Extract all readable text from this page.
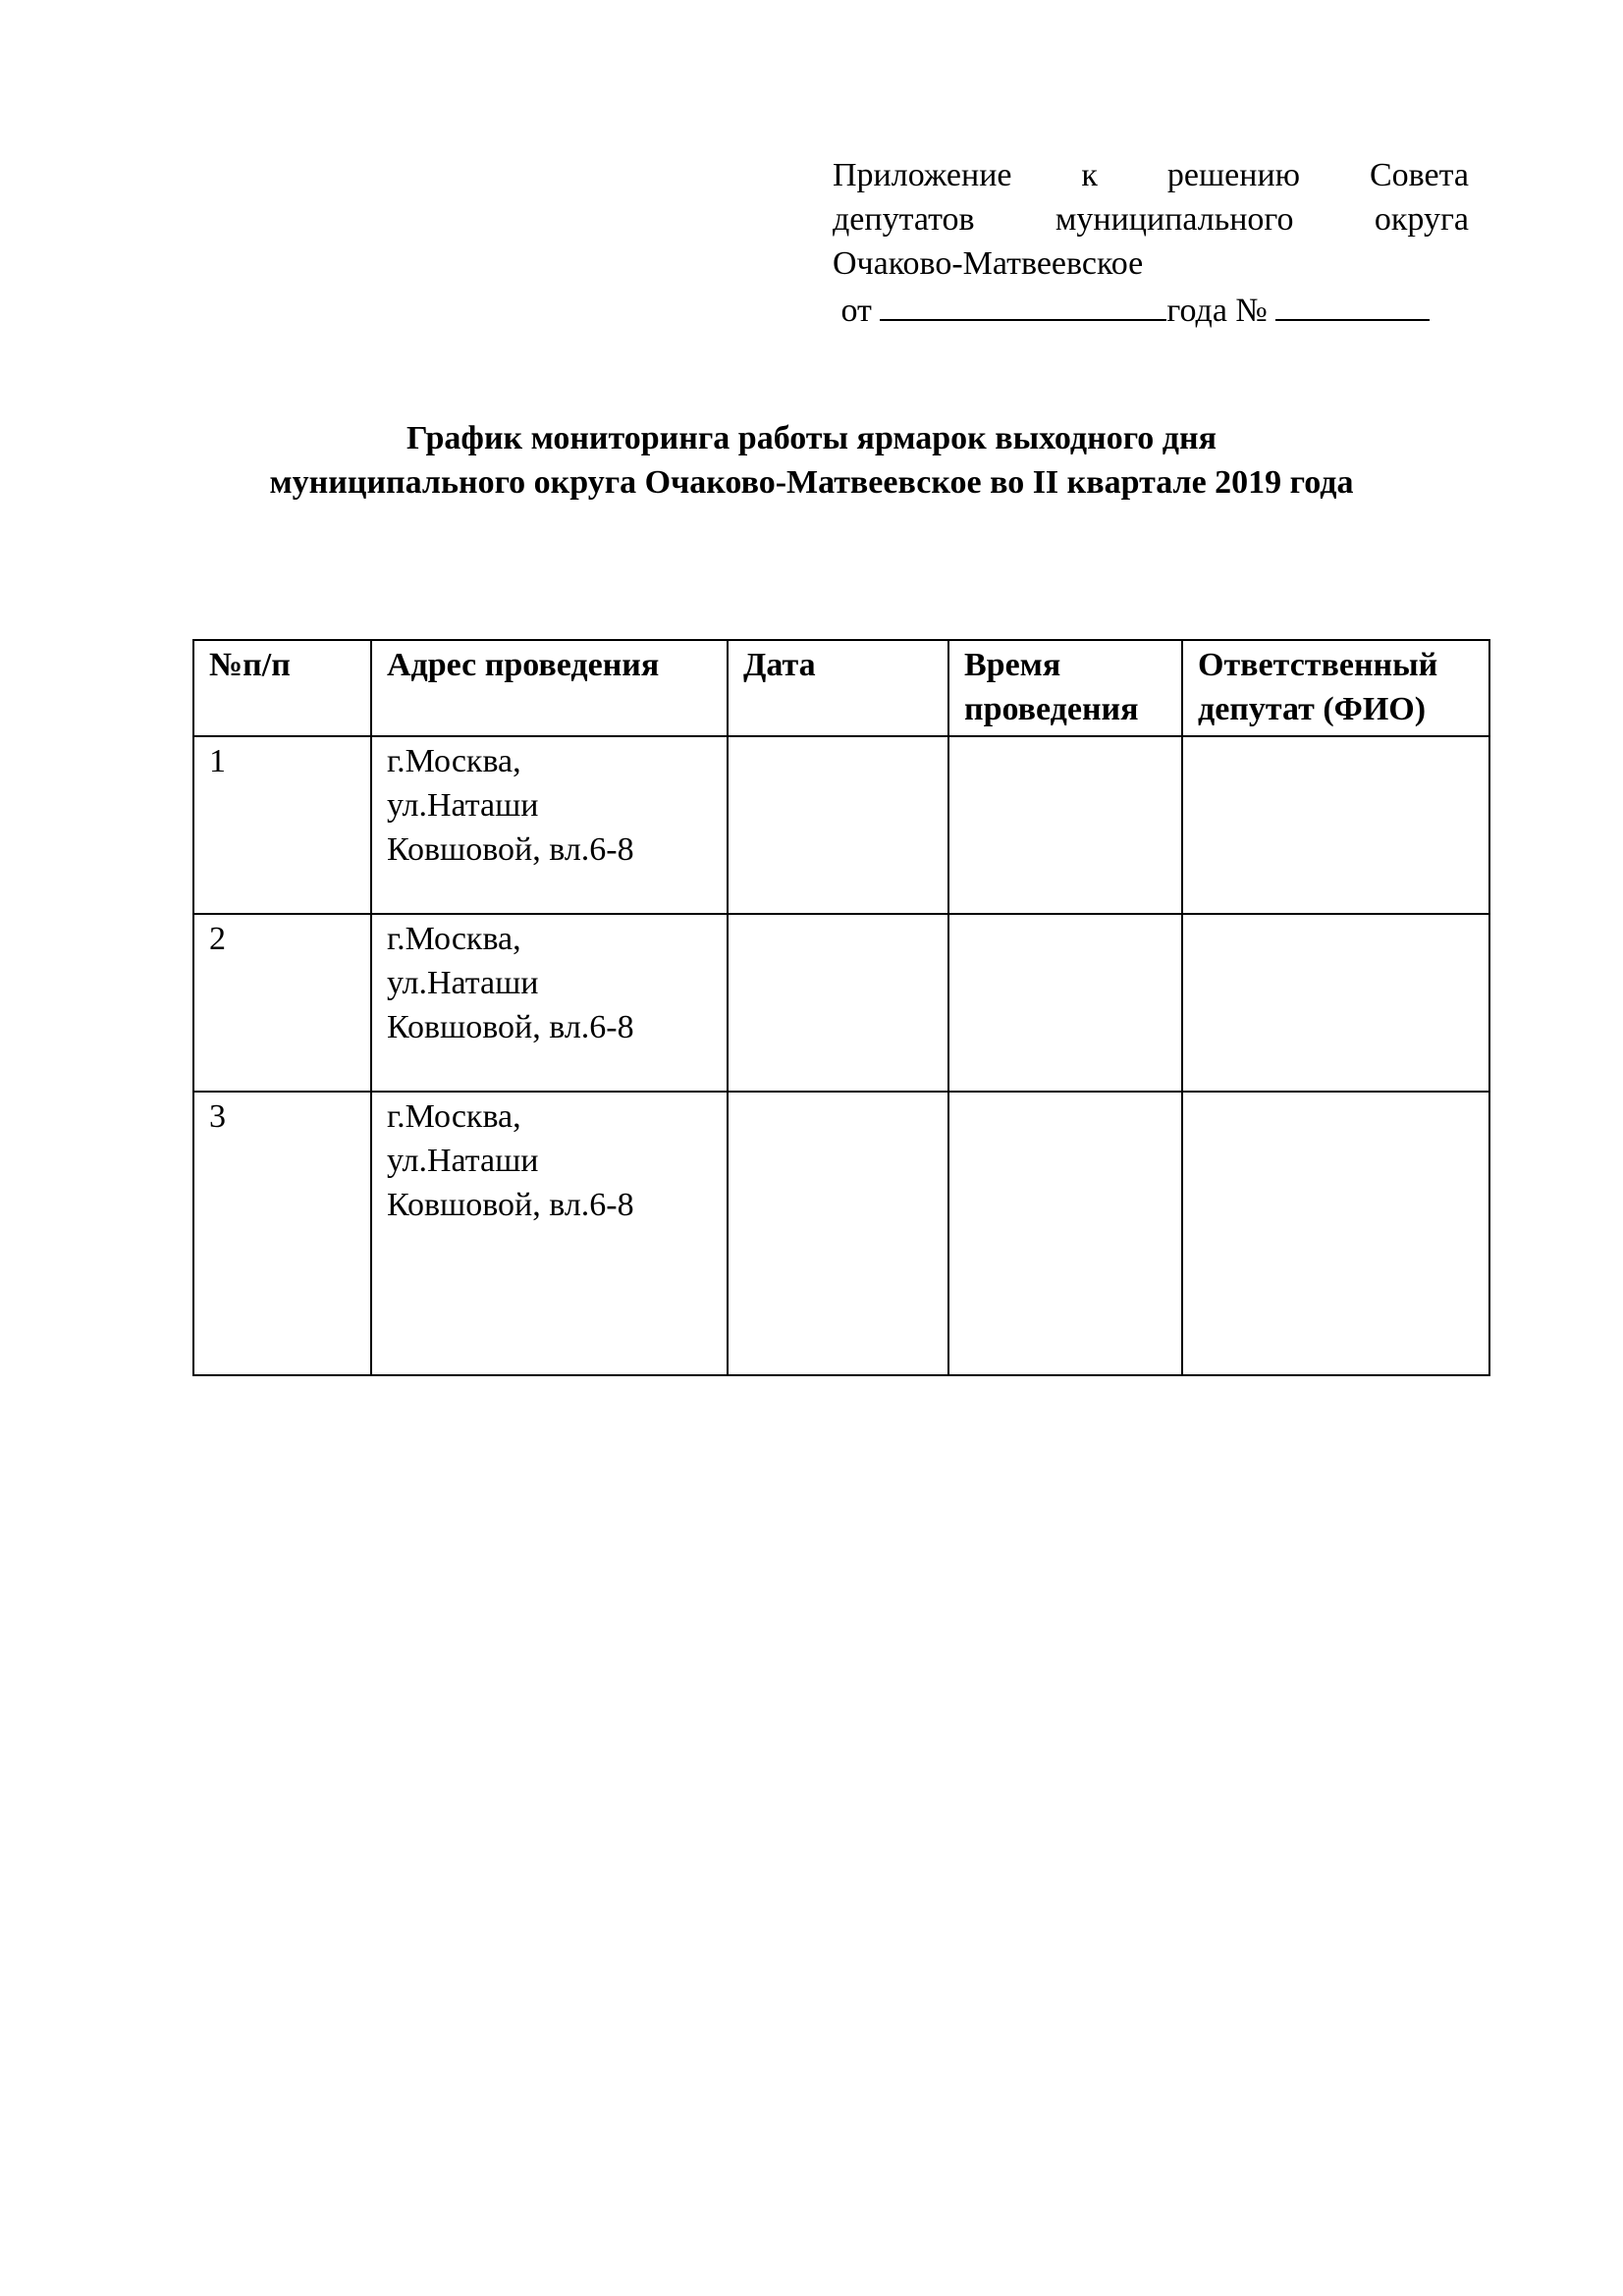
Приложение к решению Совета
депутатов муниципального округа
Очаково-Матвеевское
от	года №
График мониторинга работы ярмарок выходного дня
муниципального округа Очаково-Матвеевское во II квартале 2019 года
№п/п	Адрес проведения	Дата	Время проведения	Ответственный депутат (ФИО)
1	г.Москва,
ул.Наташи
Ковшовой, вл.6-8			

2	г.Москва,
ул.Наташи
Ковшовой, вл.6-8			

3	г.Москва,
ул.Наташи
Ковшовой, вл.6-8			
